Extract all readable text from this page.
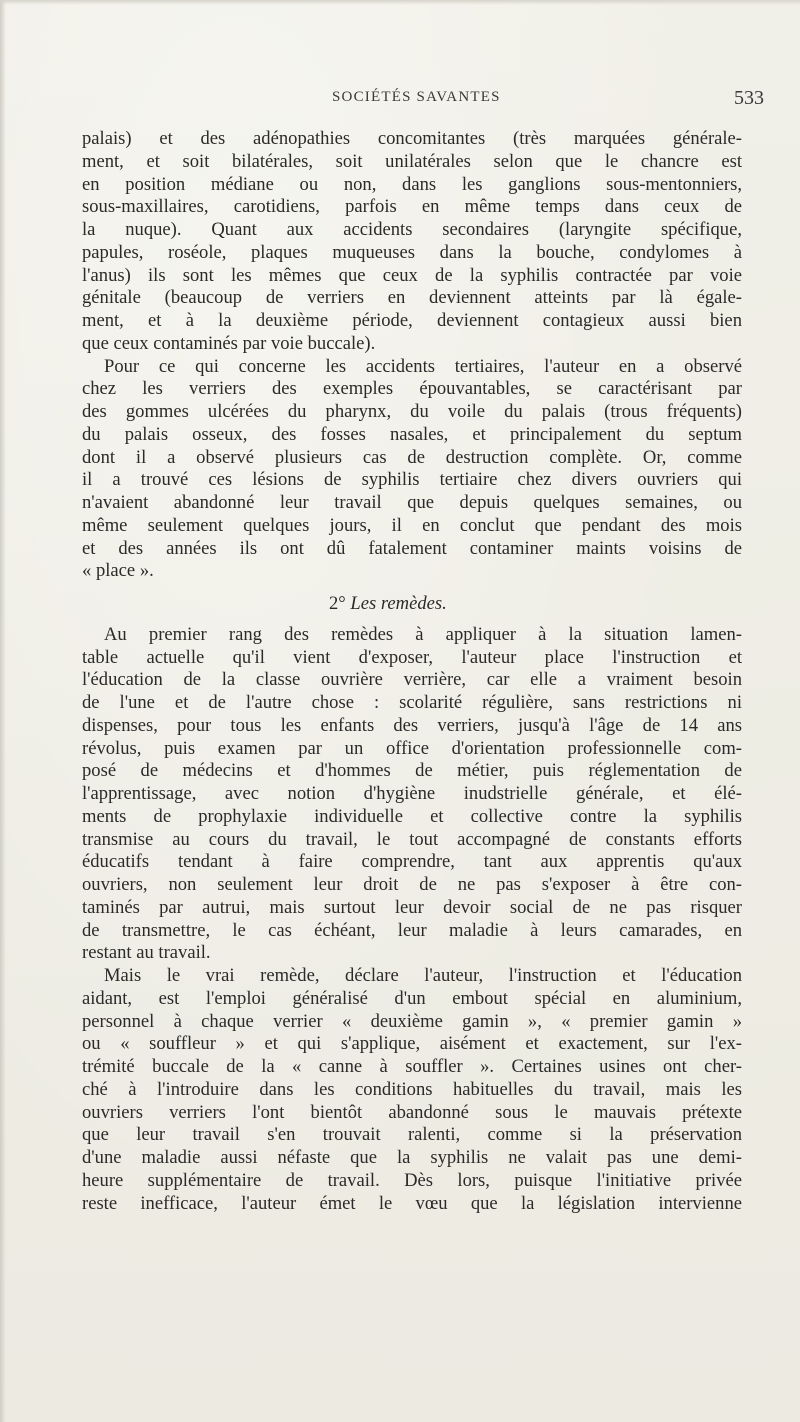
SOCIÉTÉS SAVANTES	533
palais) et des adénopathies concomitantes (très marquées générale-
ment, et soit bilatérales, soit unilatérales selon que le chancre est
en position médiane ou non, dans les ganglions sous-mentonniers,
sous-maxillaires, carotidiens, parfois en même temps dans ceux de
la nuque). Quant aux accidents secondaires (laryngite spécifique,
papules, roséole, plaques muqueuses dans la bouche, condylomes à
l'anus) ils sont les mêmes que ceux de la syphilis contractée par voie
génitale (beaucoup de verriers en deviennent atteints par là égale-
ment, et à la deuxième période, deviennent contagieux aussi bien
que ceux contaminés par voie buccale).
Pour ce qui concerne les accidents tertiaires, l'auteur en a observé
chez les verriers des exemples épouvantables, se caractérisant par
des gommes ulcérées du pharynx, du voile du palais (trous fréquents)
du palais osseux, des fosses nasales, et principalement du septum
dont il a observé plusieurs cas de destruction complète. Or, comme
il a trouvé ces lésions de syphilis tertiaire chez divers ouvriers qui
n'avaient abandonné leur travail que depuis quelques semaines, ou
même seulement quelques jours, il en conclut que pendant des mois
et des années ils ont dû fatalement contaminer maints voisins de
« place ».
2° Les remèdes.
Au premier rang des remèdes à appliquer à la situation lamen-
table actuelle qu'il vient d'exposer, l'auteur place l'instruction et
l'éducation de la classe ouvrière verrière, car elle a vraiment besoin
de l'une et de l'autre chose : scolarité régulière, sans restrictions ni
dispenses, pour tous les enfants des verriers, jusqu'à l'âge de 14 ans
révolus, puis examen par un office d'orientation professionnelle com-
posé de médecins et d'hommes de métier, puis réglementation de
l'apprentissage, avec notion d'hygiène inudstrielle générale, et élé-
ments de prophylaxie individuelle et collective contre la syphilis
transmise au cours du travail, le tout accompagné de constants efforts
éducatifs tendant à faire comprendre, tant aux apprentis qu'aux
ouvriers, non seulement leur droit de ne pas s'exposer à être con-
taminés par autrui, mais surtout leur devoir social de ne pas risquer
de transmettre, le cas échéant, leur maladie à leurs camarades, en
restant au travail.
Mais le vrai remède, déclare l'auteur, l'instruction et l'éducation
aidant, est l'emploi généralisé d'un embout spécial en aluminium,
personnel à chaque verrier « deuxième gamin », « premier gamin »
ou « souffleur » et qui s'applique, aisément et exactement, sur l'ex-
trémité buccale de la « canne à souffler ». Certaines usines ont cher-
ché à l'introduire dans les conditions habituelles du travail, mais les
ouvriers verriers l'ont bientôt abandonné sous le mauvais prétexte
que leur travail s'en trouvait ralenti, comme si la préservation
d'une maladie aussi néfaste que la syphilis ne valait pas une demi-
heure supplémentaire de travail. Dès lors, puisque l'initiative privée
reste inefficace, l'auteur émet le vœu que la législation intervienne
